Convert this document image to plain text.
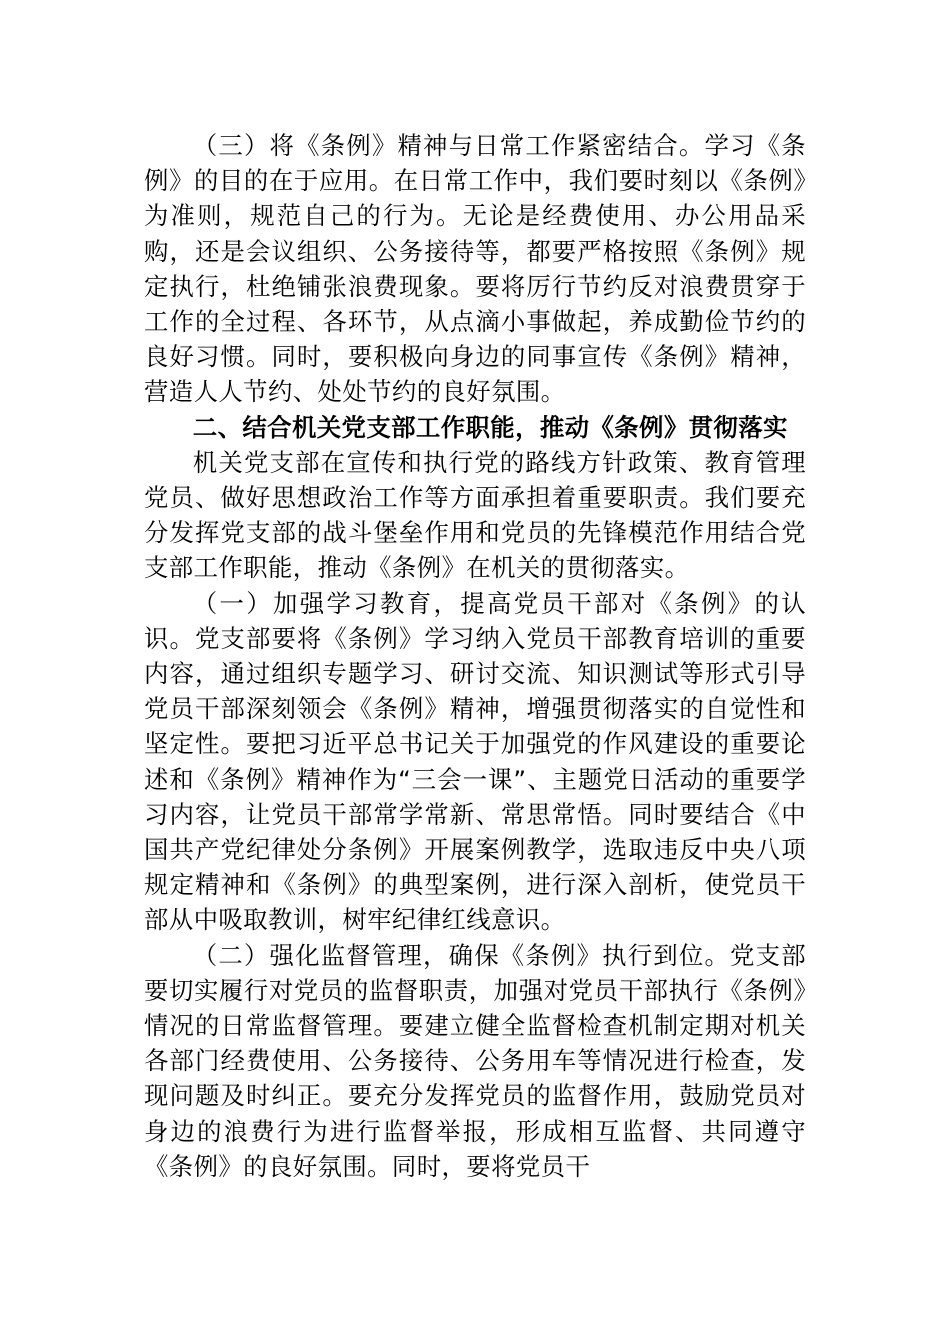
（三）将《条例》精神与日常工作紧密结合。学习《条例》的目的在于应用。在日常工作中，我们要时刻以《条例》为准则，规范自己的行为。无论是经费使用、办公用品采购，还是会议组织、公务接待等，都要严格按照《条例》规定执行，杜绝铺张浪费现象。要将厉行节约反对浪费贯穿于工作的全过程、各环节，从点滴小事做起，养成勤俭节约的良好习惯。同时，要积极向身边的同事宣传《条例》精神，营造人人节约、处处节约的良好氛围。

二、结合机关党支部工作职能，推动《条例》贯彻落实

机关党支部在宣传和执行党的路线方针政策、教育管理党员、做好思想政治工作等方面承担着重要职责。我们要充分发挥党支部的战斗堡垒作用和党员的先锋模范作用结合党支部工作职能，推动《条例》在机关的贯彻落实。

（一）加强学习教育，提高党员干部对《条例》的认识。党支部要将《条例》学习纳入党员干部教育培训的重要内容，通过组织专题学习、研讨交流、知识测试等形式引导党员干部深刻领会《条例》精神，增强贯彻落实的自觉性和坚定性。要把习近平总书记关于加强党的作风建设的重要论述和《条例》精神作为“三会一课”、主题党日活动的重要学习内容，让党员干部常学常新、常思常悟。同时要结合《中国共产党纪律处分条例》开展案例教学，选取违反中央八项规定精神和《条例》的典型案例，进行深入剖析，使党员干部从中吸取教训，树牢纪律红线意识。

（二）强化监督管理，确保《条例》执行到位。党支部要切实履行对党员的监督职责，加强对党员干部执行《条例》情况的日常监督管理。要建立健全监督检查机制定期对机关各部门经费使用、公务接待、公务用车等情况进行检查，发现问题及时纠正。要充分发挥党员的监督作用，鼓励党员对身边的浪费行为进行监督举报，形成相互监督、共同遵守《条例》的良好氛围。同时，要将党员干
